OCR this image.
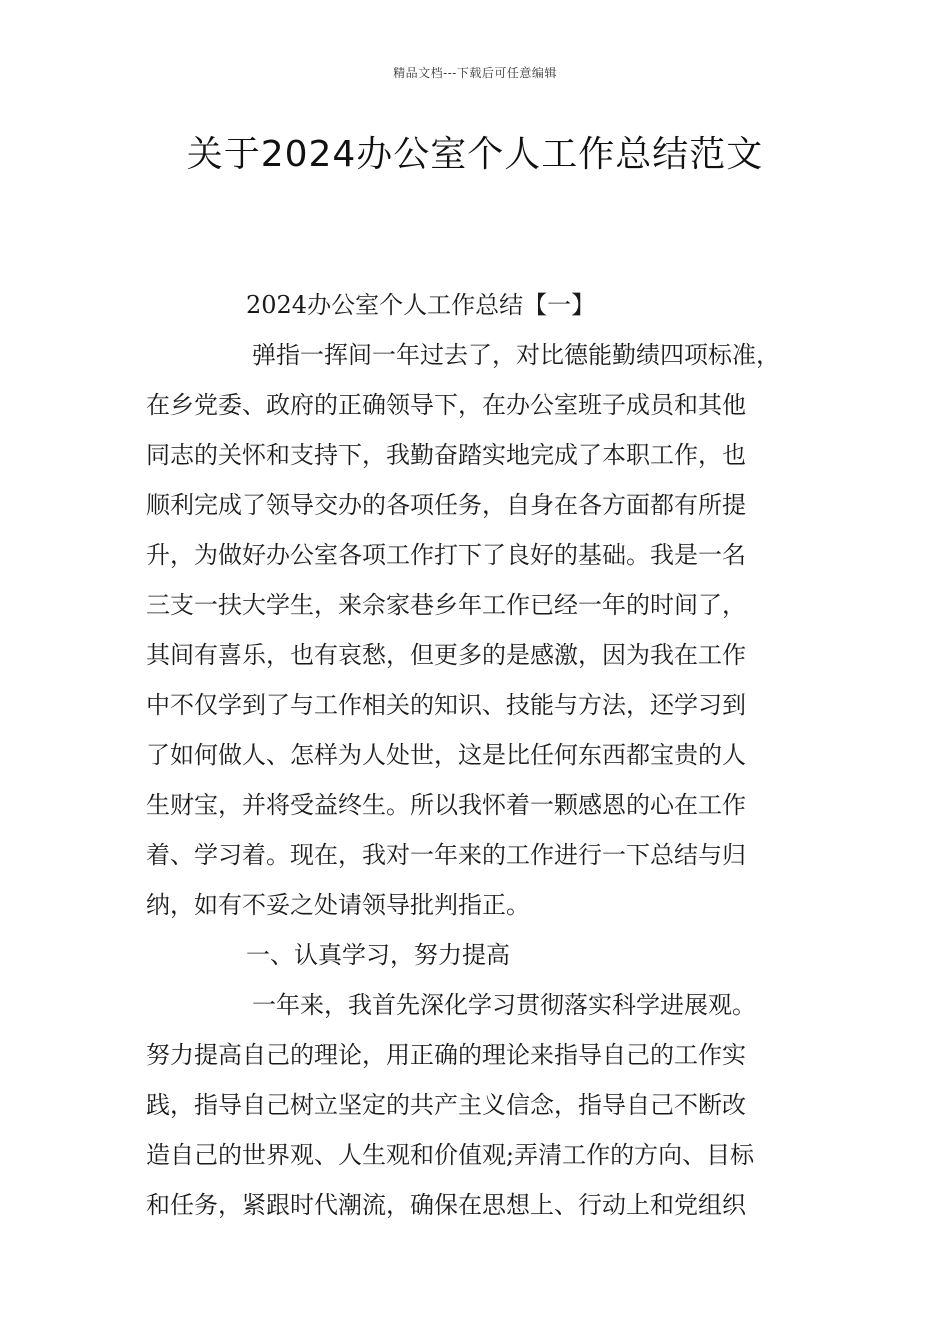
精品文档---下载后可任意编辑
关于2024办公室个人工作总结范文
2024办公室个人工作总结【一】
弹指一挥间一年过去了，对比德能勤绩四项标准，
在乡党委、政府的正确领导下，在办公室班子成员和其他
同志的关怀和支持下，我勤奋踏实地完成了本职工作，也
顺利完成了领导交办的各项任务，自身在各方面都有所提
升，为做好办公室各项工作打下了良好的基础。我是一名
三支一扶大学生，来佘家巷乡年工作已经一年的时间了，
其间有喜乐，也有哀愁，但更多的是感激，因为我在工作
中不仅学到了与工作相关的知识、技能与方法，还学习到
了如何做人、怎样为人处世，这是比任何东西都宝贵的人
生财宝，并将受益终生。所以我怀着一颗感恩的心在工作
着、学习着。现在，我对一年来的工作进行一下总结与归
纳，如有不妥之处请领导批判指正。
一、认真学习，努力提高
一年来，我首先深化学习贯彻落实科学进展观。
努力提高自己的理论，用正确的理论来指导自己的工作实
践，指导自己树立坚定的共产主义信念，指导自己不断改
造自己的世界观、人生观和价值观;弄清工作的方向、目标
和任务，紧跟时代潮流，确保在思想上、行动上和党组织
